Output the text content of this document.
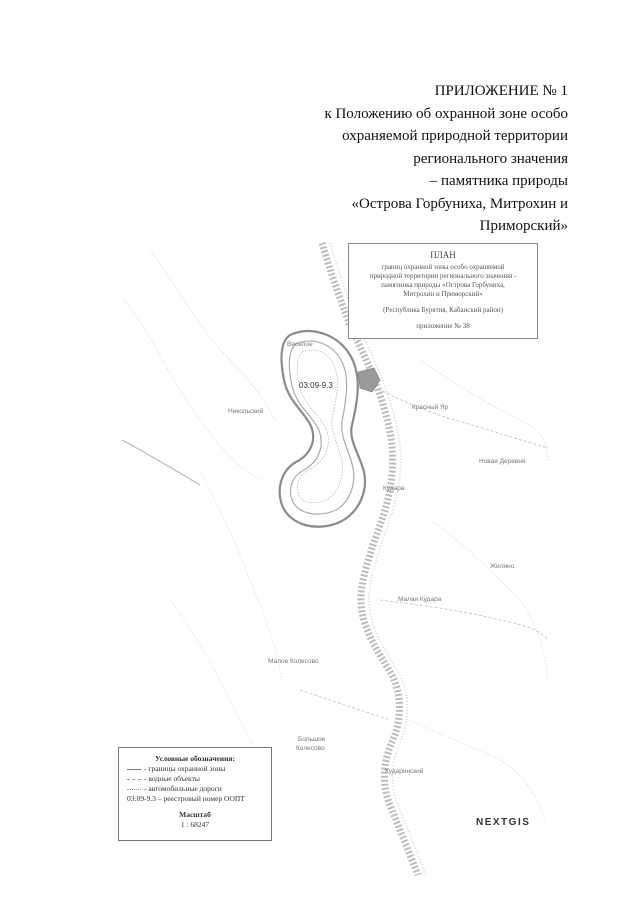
ПРИЛОЖЕНИЕ № 1
к Положению об охранной зоне особо
охраняемой природной территории
регионального значения
– памятника природы
«Острова Горбуниха, Митрохин и
Приморский»
ПЛАН
границ охранной зоны особо охраняемой
природной территории регионального значения -
памятника природы «Острова Горбуниха,
Митрохин и Приморский»
(Республика Бурятия, Кабанский район)
приложение № 38
03:09-9.3
Веселое
Красный Яр
Новая Деревня
Кудара
Жилино
Никольский
Малая Кудара
Малое Колесово
Большое
Колесово
Кударинский
Условные обозначения:
- границы охранной зоны
- водные объекты
- автомобильные дороги
03:09-9.3 – реестровый номер ООПТ
Масштаб
1 : 68247	NEXTGIS
